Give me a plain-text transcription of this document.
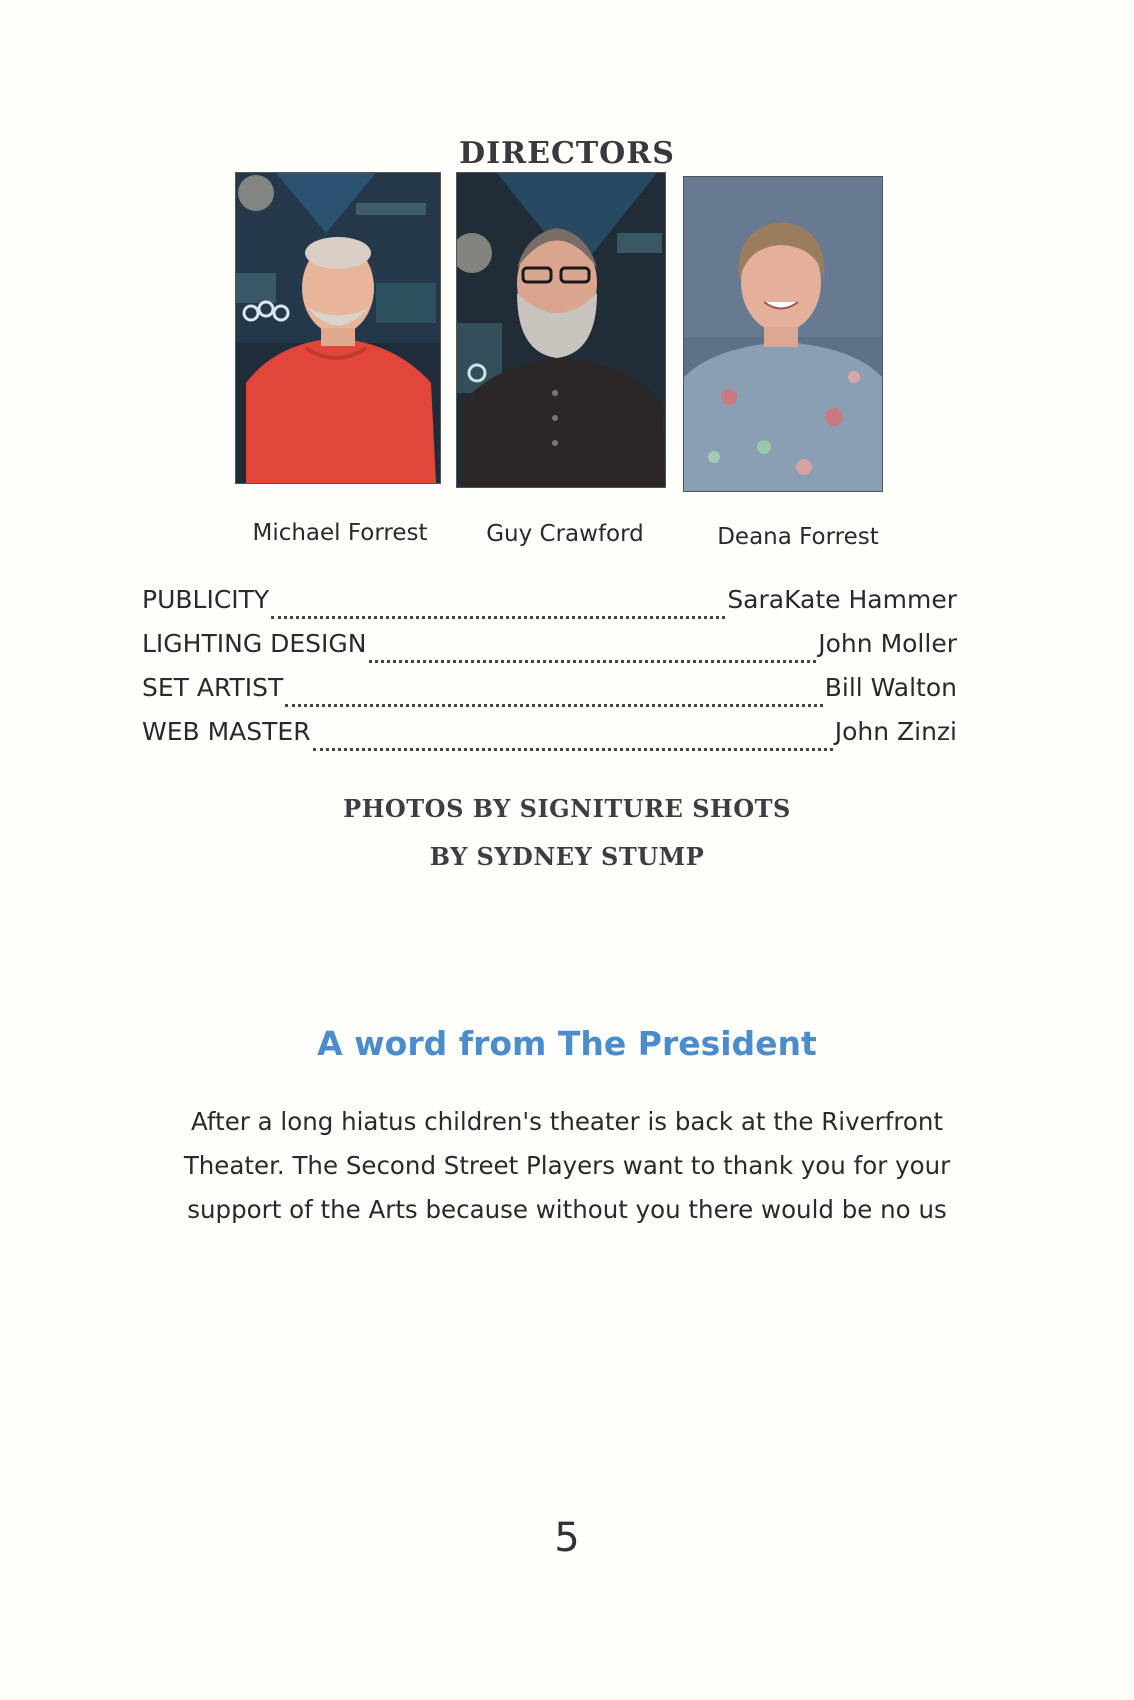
DIRECTORS
Michael Forrest	Guy Crawford	Deana Forrest
PUBLICITY	SaraKate Hammer
LIGHTING DESIGN	John Moller
SET ARTIST	Bill Walton
WEB MASTER	John Zinzi
PHOTOS BY SIGNITURE SHOTS
BY SYDNEY STUMP
A word from The President
After a long hiatus children's theater is back at the Riverfront Theater. The Second Street Players want to thank you for your support of the Arts because without you there would be no us
5
